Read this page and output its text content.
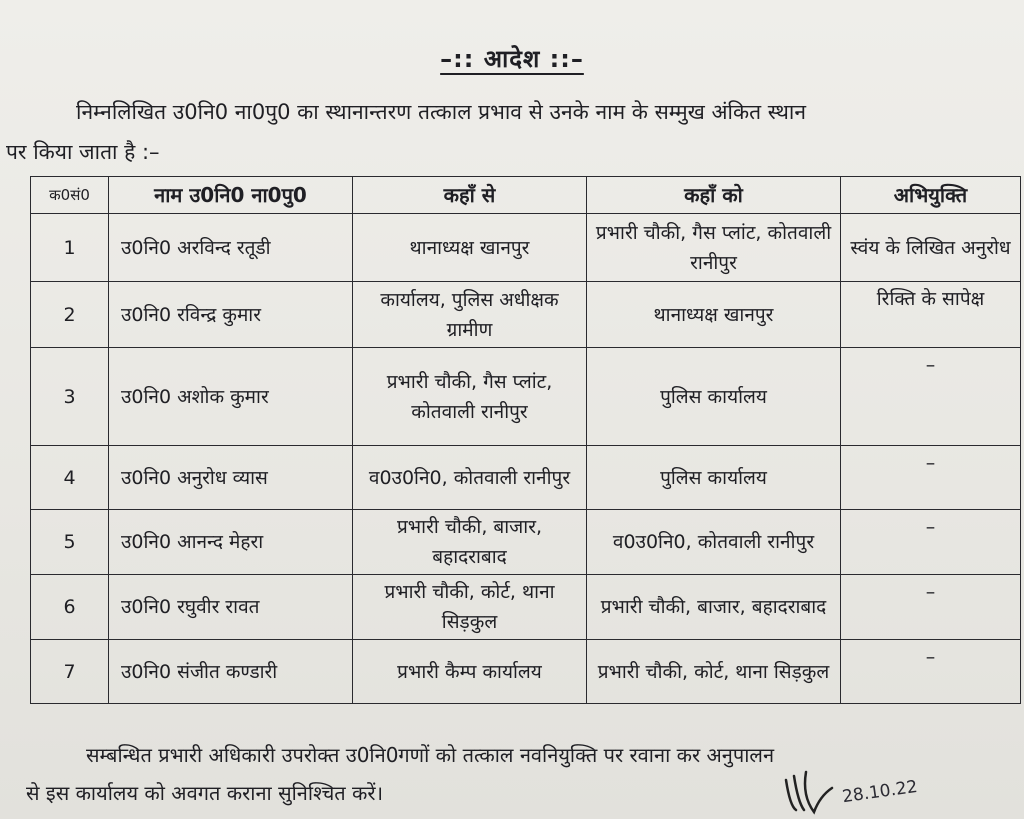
–:: आदेश ::–
निम्नलिखित उ0नि0 ना0पु0 का स्थानान्तरण तत्काल प्रभाव से उनके नाम के सम्मुख अंकित स्थान
पर किया जाता है :–
क0सं0	नाम उ0नि0 ना0पु0	कहाँ से	कहाँ को	अभियुक्ति
1	उ0नि0 अरविन्द रतूडी	थानाध्यक्ष खानपुर	प्रभारी चौकी, गैस प्लांट, कोतवाली रानीपुर	स्वंय के लिखित अनुरोध
2	उ0नि0 रविन्द्र कुमार	कार्यालय, पुलिस अधीक्षक ग्रामीण	थानाध्यक्ष खानपुर	रिक्ति के सापेक्ष
3	उ0नि0 अशोक कुमार	प्रभारी चौकी, गैस प्लांट, कोतवाली रानीपुर	पुलिस कार्यालय	–
4	उ0नि0 अनुरोध व्यास	व0उ0नि0, कोतवाली रानीपुर	पुलिस कार्यालय	–
5	उ0नि0 आनन्द मेहरा	प्रभारी चौकी, बाजार, बहादराबाद	व0उ0नि0, कोतवाली रानीपुर	–
6	उ0नि0 रघुवीर रावत	प्रभारी चौकी, कोर्ट, थाना सिड़कुल	प्रभारी चौकी, बाजार, बहादराबाद	–
7	उ0नि0 संजीत कण्डारी	प्रभारी कैम्प कार्यालय	प्रभारी चौकी, कोर्ट, थाना सिड़कुल	–
सम्बन्धित प्रभारी अधिकारी उपरोक्त उ0नि0गणों को तत्काल नवनियुक्ति पर रवाना कर अनुपालन
से इस कार्यालय को अवगत कराना सुनिश्चित करें।	28.10.22
